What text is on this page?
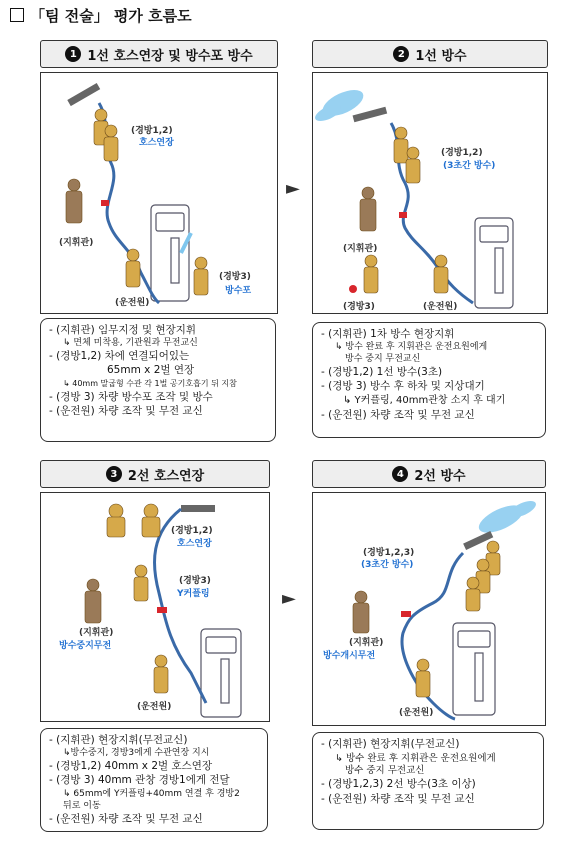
「팀 전술」 평가 흐름도
1 1선 호스연장 및 방수포 방수
(경방1,2)
호스연장
(지휘관)
(운전원)
(경방3)
방수포
- (지휘관) 임무지정 및 현장지휘
↳ 면체 미착용, 기관원과 무전교신
- (경방1,2) 차에 연결되어있는
65mm x 2벌 연장
↳ 40mm 말굽형 수관 각 1벌 공기호흡기 뒤 지참
- (경방 3) 차량 방수포 조작 및 방수
- (운전원) 차량 조작 및 무전 교신
►
2 1선 방수
(경방1,2)
(3초간 방수)
(지휘관)
(경방3)	(운전원)
- (지휘관) 1차 방수 현장지휘
↳ 방수 완료 후 지휘관은 운전요원에게
방수 중지 무전교신
- (경방1,2) 1선 방수(3초)
- (경방 3) 방수 후 하차 및 지상대기
↳ Y커플링, 40mm관창 소지 후 대기
- (운전원) 차량 조작 및 무전 교신
3 2선 호스연장
(경방1,2)
호스연장
(경방3)
Y커플링
(지휘관)
방수중지무전
(운전원)
- (지휘관) 현장지휘(무전교신)
↳방수중지, 경방3에게 수관연장 지시
- (경방1,2) 40mm x 2벌 호스연장
- (경방 3) 40mm 관창 경방1에게 전달
↳ 65mm에 Y커플링+40mm 연결 후 경방2
뒤로 이동
- (운전원) 차량 조작 및 무전 교신
►
4 2선 방수
(경방1,2,3)
(3초간 방수)
(지휘관)
방수개시무전
(운전원)
- (지휘관) 현장지휘(무전교신)
↳ 방수 완료 후 지휘관은 운전요원에게
방수 중지 무전교신
- (경방1,2,3) 2선 방수(3초 이상)
- (운전원) 차량 조작 및 무전 교신
